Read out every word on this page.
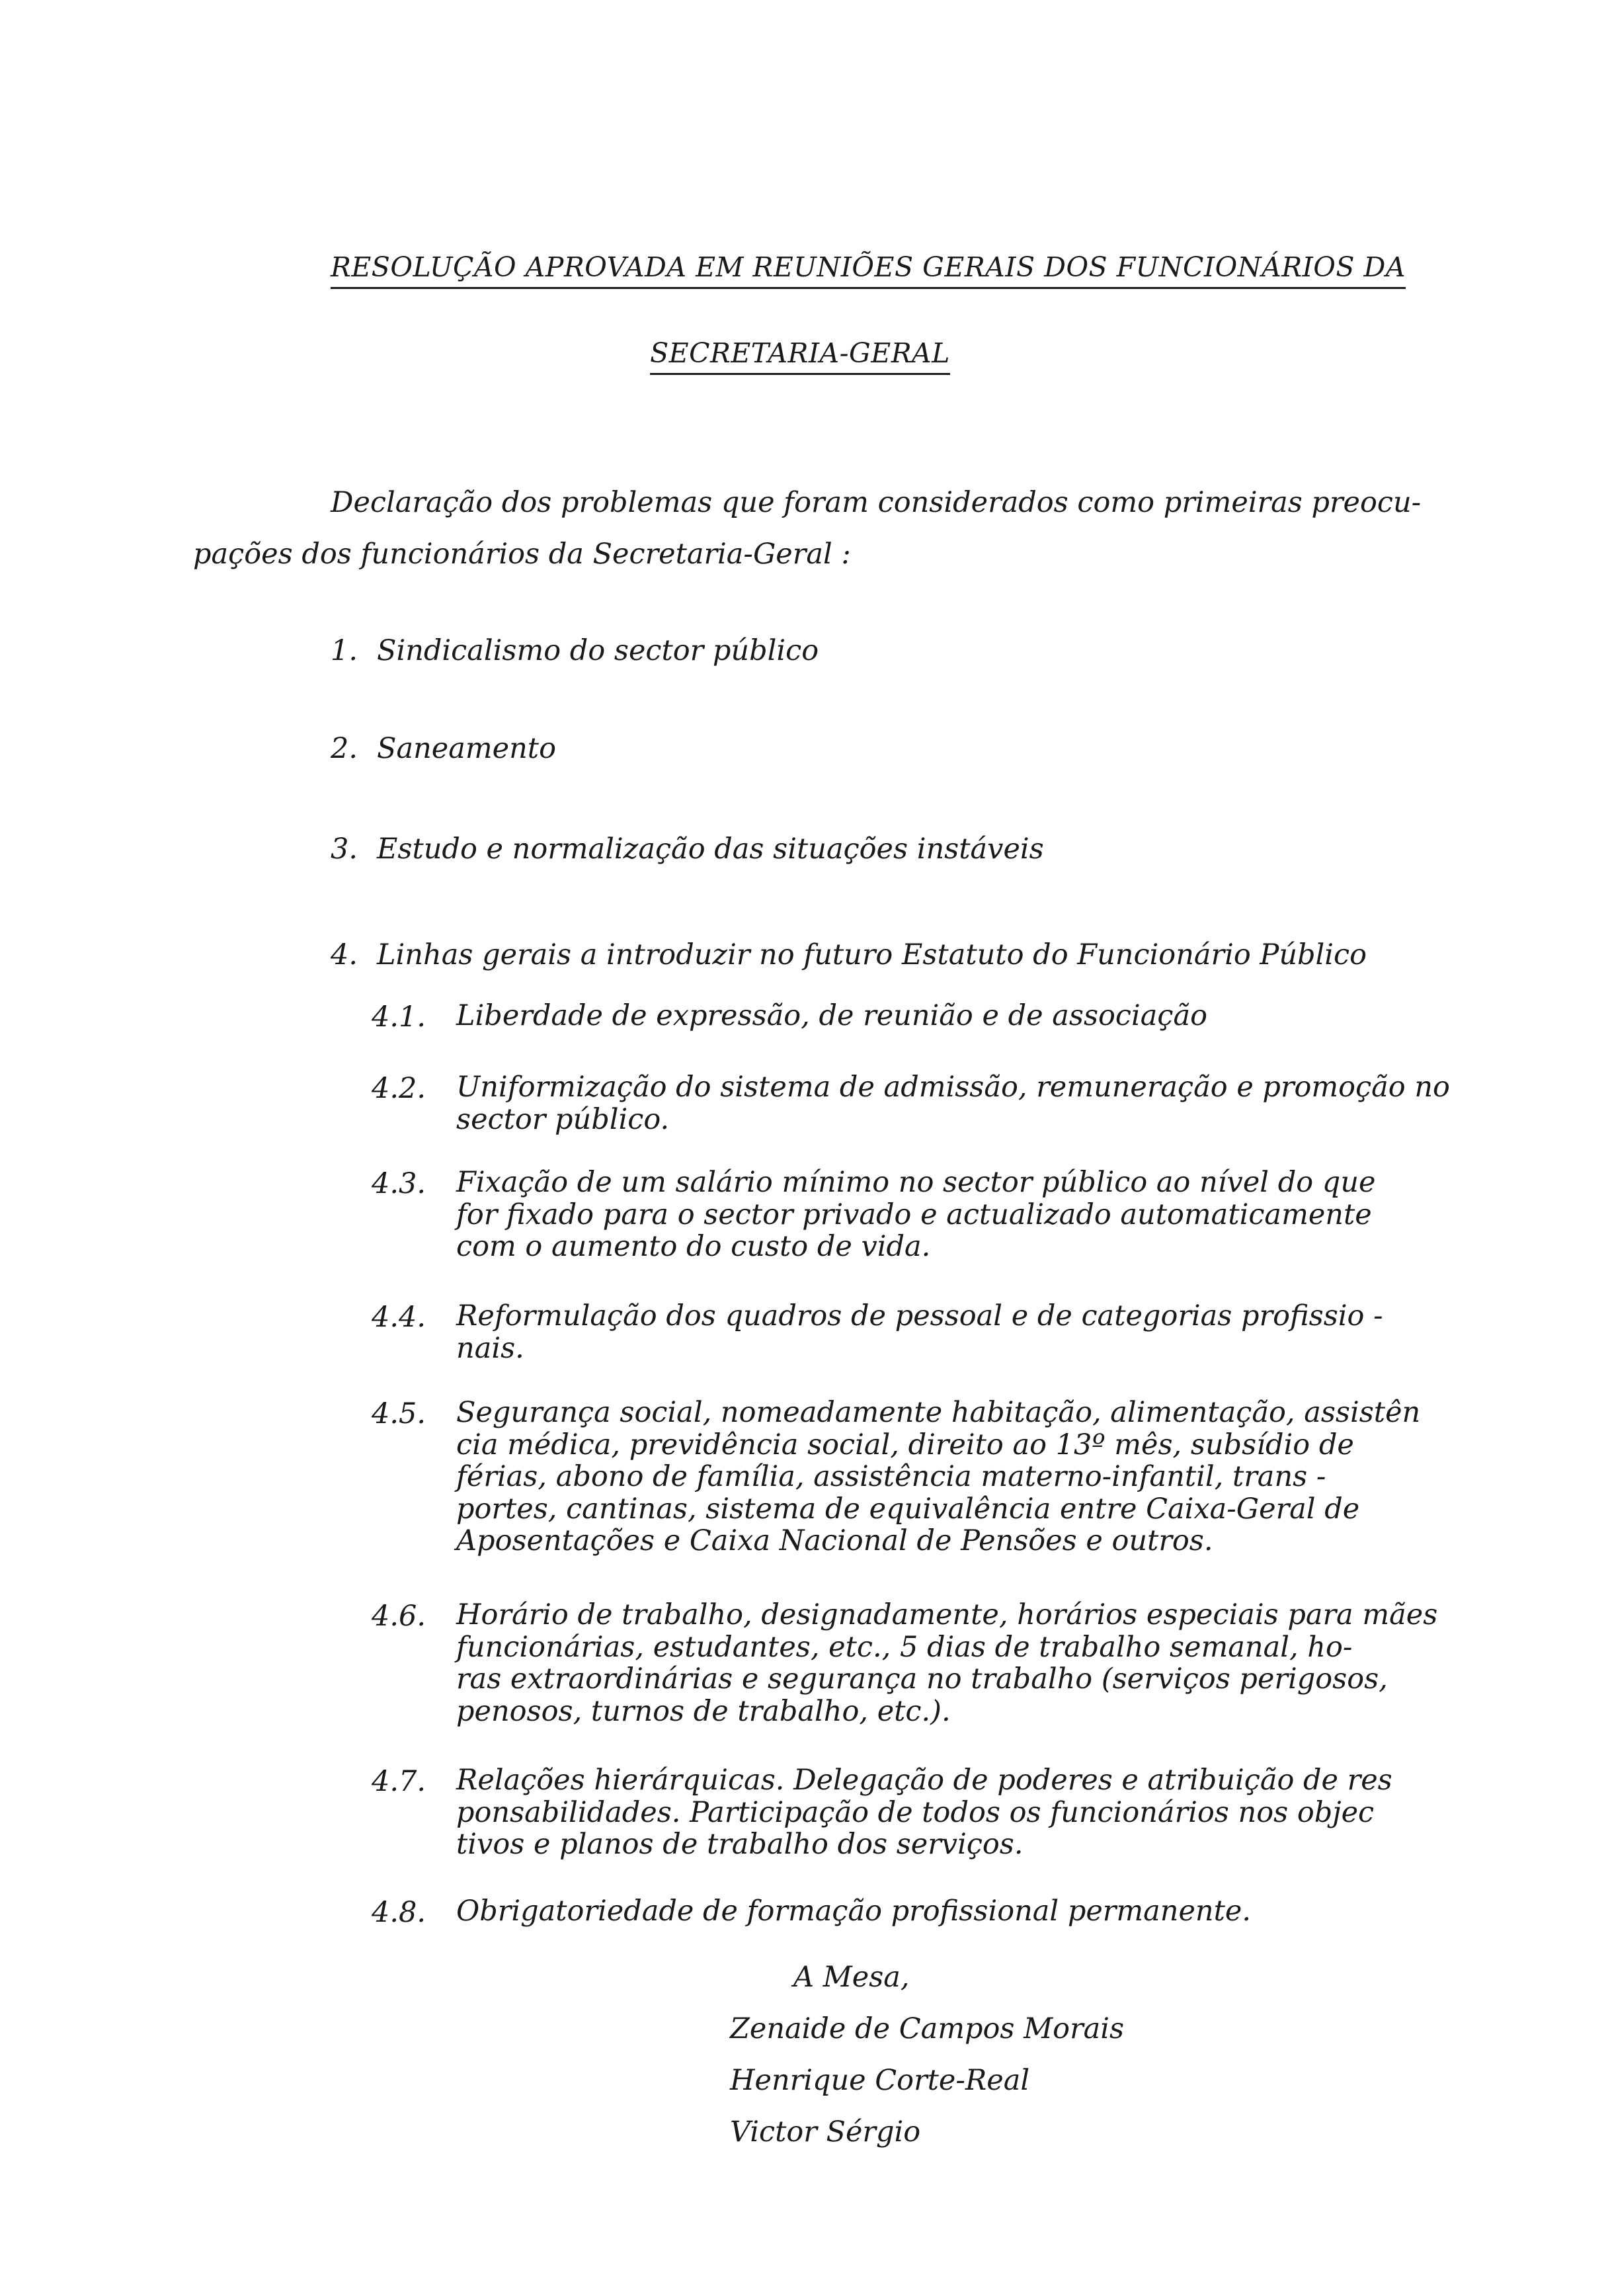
RESOLUÇÃO APROVADA EM REUNIÕES GERAIS DOS FUNCIONÁRIOS DA
SECRETARIA-GERAL
Declaração dos problemas que foram considerados como primeiras preocu-
pações dos funcionários da Secretaria-Geral :
1. Sindicalismo do sector público
2. Saneamento
3. Estudo e normalização das situações instáveis
4. Linhas gerais a introduzir no futuro Estatuto do Funcionário Público
4.1. Liberdade de expressão, de reunião e de associação
4.2. Uniformização do sistema de admissão, remuneração e promoção no
sector público.
4.3. Fixação de um salário mínimo no sector público ao nível do que
for fixado para o sector privado e actualizado automaticamente
com o aumento do custo de vida.
4.4. Reformulação dos quadros de pessoal e de categorias profissio -
nais.
4.5. Segurança social, nomeadamente habitação, alimentação, assistên
cia médica, previdência social, direito ao 13º mês, subsídio de
férias, abono de família, assistência materno-infantil, trans -
portes, cantinas, sistema de equivalência entre Caixa-Geral de
Aposentações e Caixa Nacional de Pensões e outros.
4.6. Horário de trabalho, designadamente, horários especiais para mães
funcionárias, estudantes, etc., 5 dias de trabalho semanal, ho-
ras extraordinárias e segurança no trabalho (serviços perigosos,
penosos, turnos de trabalho, etc.).
4.7. Relações hierárquicas. Delegação de poderes e atribuição de res
ponsabilidades. Participação de todos os funcionários nos objec
tivos e planos de trabalho dos serviços.
4.8. Obrigatoriedade de formação profissional permanente.
A Mesa,
Zenaide de Campos Morais
Henrique Corte-Real
Victor Sérgio
